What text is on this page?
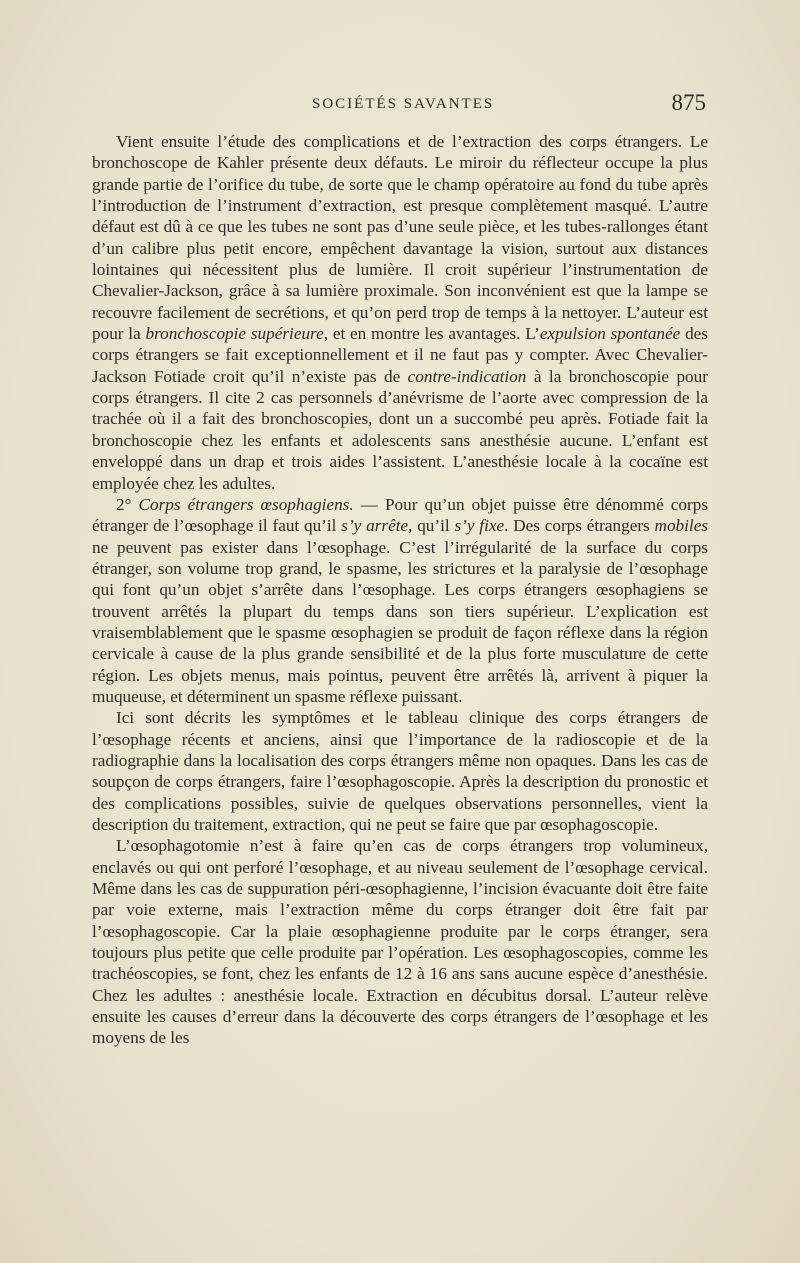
SOCIÉTÉS SAVANTES	875

Vient ensuite l’étude des complications et de l’extraction des corps étrangers. Le bronchoscope de Kahler présente deux défauts. Le miroir du réflecteur occupe la plus grande partie de l’orifice du tube, de sorte que le champ opératoire au fond du tube après l’introduction de l’instrument d’extraction, est presque complètement masqué. L’autre défaut est dû à ce que les tubes ne sont pas d’une seule pièce, et les tubes-rallonges étant d’un calibre plus petit encore, empêchent davantage la vision, surtout aux distances lointaines qui nécessitent plus de lumière. Il croit supérieur l’instrumentation de Chevalier-Jackson, grâce à sa lumière proximale. Son inconvénient est que la lampe se recouvre facilement de secrétions, et qu’on perd trop de temps à la nettoyer. L’auteur est pour la bronchoscopie supérieure, et en montre les avantages. L’expulsion spontanée des corps étrangers se fait exceptionnellement et il ne faut pas y compter. Avec Chevalier-Jackson Fotiade croit qu’il n’existe pas de contre-indication à la bronchoscopie pour corps étrangers. Il cite 2 cas personnels d’anévrisme de l’aorte avec compression de la trachée où il a fait des bronchoscopies, dont un a succombé peu après. Fotiade fait la bronchoscopie chez les enfants et adolescents sans anesthésie aucune. L’enfant est enveloppé dans un drap et trois aides l’assistent. L’anesthésie locale à la cocaïne est employée chez les adultes.

2° Corps étrangers œsophagiens. — Pour qu’un objet puisse être dénommé corps étranger de l’œsophage il faut qu’il s’y arrête, qu’il s’y fixe. Des corps étrangers mobiles ne peuvent pas exister dans l’œsophage. C’est l’irrégularité de la surface du corps étranger, son volume trop grand, le spasme, les strictures et la paralysie de l’œsophage qui font qu’un objet s’arrête dans l’œsophage. Les corps étrangers œsophagiens se trouvent arrêtés la plupart du temps dans son tiers supérieur. L’explication est vraisemblablement que le spasme œsophagien se produit de façon réflexe dans la région cervicale à cause de la plus grande sensibilité et de la plus forte musculature de cette région. Les objets menus, mais pointus, peuvent être arrêtés là, arrivent à piquer la muqueuse, et déterminent un spasme réflexe puissant.

Ici sont décrits les symptômes et le tableau clinique des corps étrangers de l’œsophage récents et anciens, ainsi que l’importance de la radioscopie et de la radiographie dans la localisation des corps étrangers même non opaques. Dans les cas de soupçon de corps étrangers, faire l’œsophagoscopie. Après la description du pronostic et des complications possibles, suivie de quelques observations personnelles, vient la description du traitement, extraction, qui ne peut se faire que par œsophagoscopie.

L’œsophagotomie n’est à faire qu’en cas de corps étrangers trop volumineux, enclavés ou qui ont perforé l’œsophage, et au niveau seulement de l’œsophage cervical. Même dans les cas de suppuration péri-œsophagienne, l’incision évacuante doit être faite par voie externe, mais l’extraction même du corps étranger doit être fait par l’œsophagoscopie. Car la plaie œsophagienne produite par le corps étranger, sera toujours plus petite que celle produite par l’opération. Les œsophagoscopies, comme les trachéoscopies, se font, chez les enfants de 12 à 16 ans sans aucune espèce d’anesthésie. Chez les adultes : anesthésie locale. Extraction en décubitus dorsal. L’auteur relève ensuite les causes d’erreur dans la découverte des corps étrangers de l’œsophage et les moyens de les
